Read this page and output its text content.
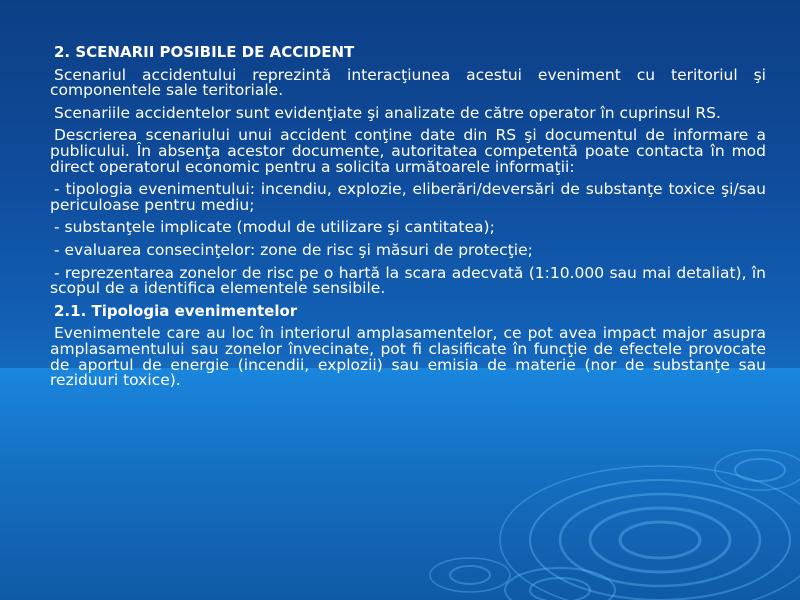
2. SCENARII POSIBILE DE ACCIDENT

Scenariul accidentului reprezintă interacţiunea acestui eveniment cu teritoriul şi componentele sale teritoriale.

Scenariile accidentelor sunt evidenţiate şi analizate de către operator în cuprinsul RS.

Descrierea scenariului unui accident conţine date din RS şi documentul de informare a publicului. În absenţa acestor documente, autoritatea competentă poate contacta în mod direct operatorul economic pentru a solicita următoarele informaţii:

- tipologia evenimentului: incendiu, explozie, eliberări/deversări de substanţe toxice şi/sau periculoase pentru mediu;

- substanţele implicate (modul de utilizare şi cantitatea);

- evaluarea consecinţelor: zone de risc şi măsuri de protecţie;

- reprezentarea zonelor de risc pe o hartă la scara adecvată (1:10.000 sau mai detaliat), în scopul de a identifica elementele sensibile.

2.1. Tipologia evenimentelor

Evenimentele care au loc în interiorul amplasamentelor, ce pot avea impact major asupra amplasamentului sau zonelor învecinate, pot fi clasificate în funcţie de efectele provocate de aportul de energie (incendii, explozii) sau emisia de materie (nor de substanţe sau reziduuri toxice).
